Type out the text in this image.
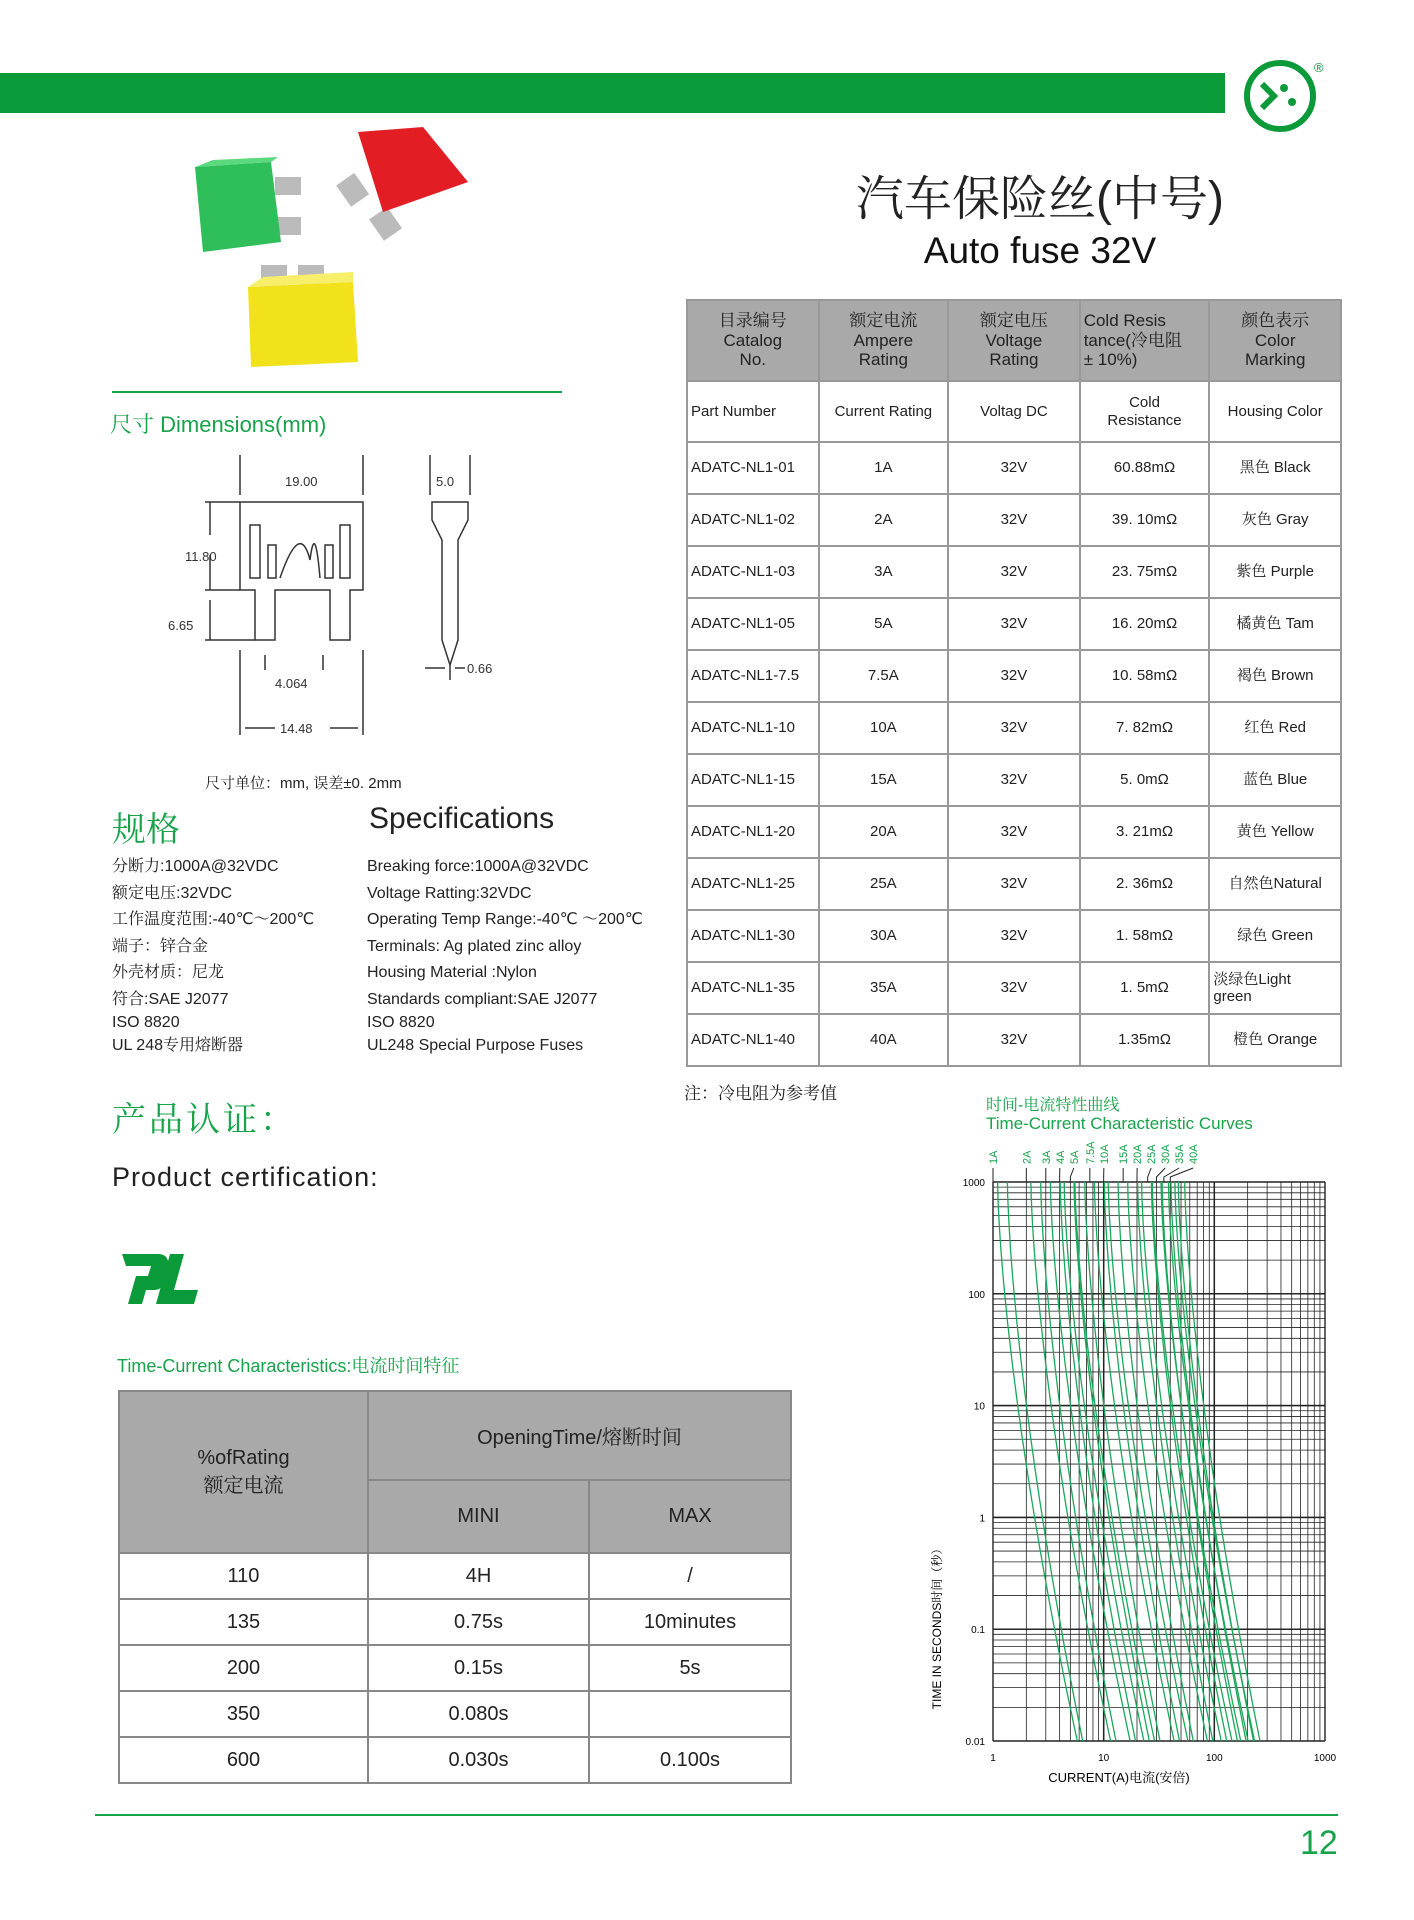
®
汽车保险丝(中号)
Auto fuse 32V
尺寸 Dimensions(mm)
19.00	5.0
11.80
6.65
4.064
0.66
14.48
尺寸单位：mm, 误差±0. 2mm
规格	Specifications
分断力:1000A@32VDC
额定电压:32VDC
工作温度范围:-40℃～200℃
端子：锌合金
外壳材质：尼龙
符合:SAE J2077
ISO 8820
UL 248专用熔断器
Breaking force:1000A@32VDC
Voltage Ratting:32VDC
Operating Temp Range:-40℃ ～200℃
Terminals: Ag plated zinc alloy
Housing Material :Nylon
Standards compliant:SAE J2077
ISO 8820
UL248 Special Purpose Fuses
产品认证：
Product certification:
Time-Current Characteristics:电流时间特征
%ofRating
额定电流	OpeningTime/熔断时间	
	MINI	MAX
110	4H	/
135	0.75s	10minutes
200	0.15s	5s
350	0.080s	
600	0.030s	0.100s
目录编号
Catalog
No.	额定电流
Ampere
Rating	额定电压
Voltage
Rating	Cold Resis
tance(冷电阻
± 10%)	颜色表示
Color
Marking
Part Number	Current Rating	Voltag DC	Cold
Resistance	Housing Color
ADATC-NL1-01	1A	32V	60.88mΩ	黑色 Black
ADATC-NL1-02	2A	32V	39. 10mΩ	灰色 Gray
ADATC-NL1-03	3A	32V	23. 75mΩ	紫色 Purple
ADATC-NL1-05	5A	32V	16. 20mΩ	橘黄色 Tam
ADATC-NL1-7.5	7.5A	32V	10. 58mΩ	褐色 Brown
ADATC-NL1-10	10A	32V	7. 82mΩ	红色 Red
ADATC-NL1-15	15A	32V	5. 0mΩ	蓝色 Blue
ADATC-NL1-20	20A	32V	3. 21mΩ	黄色 Yellow
ADATC-NL1-25	25A	32V	2. 36mΩ	自然色Natural
ADATC-NL1-30	30A	32V	1. 58mΩ	绿色 Green
ADATC-NL1-35	35A	32V	1. 5mΩ	淡绿色Light
green
ADATC-NL1-40	40A	32V	1.35mΩ	橙色 Orange
注：冷电阻为参考值
时间-电流特性曲线
Time-Current Characteristic Curves
1000
100
10
1
0.1
0.01
1	10	100	1000
CURRENT(A)电流(安倍)
TIME IN SECONDS时间（秒）
1A 2A 3A 4A 5A 7.5A 10A 15A 20A 25A 30A 35A 40A
12
